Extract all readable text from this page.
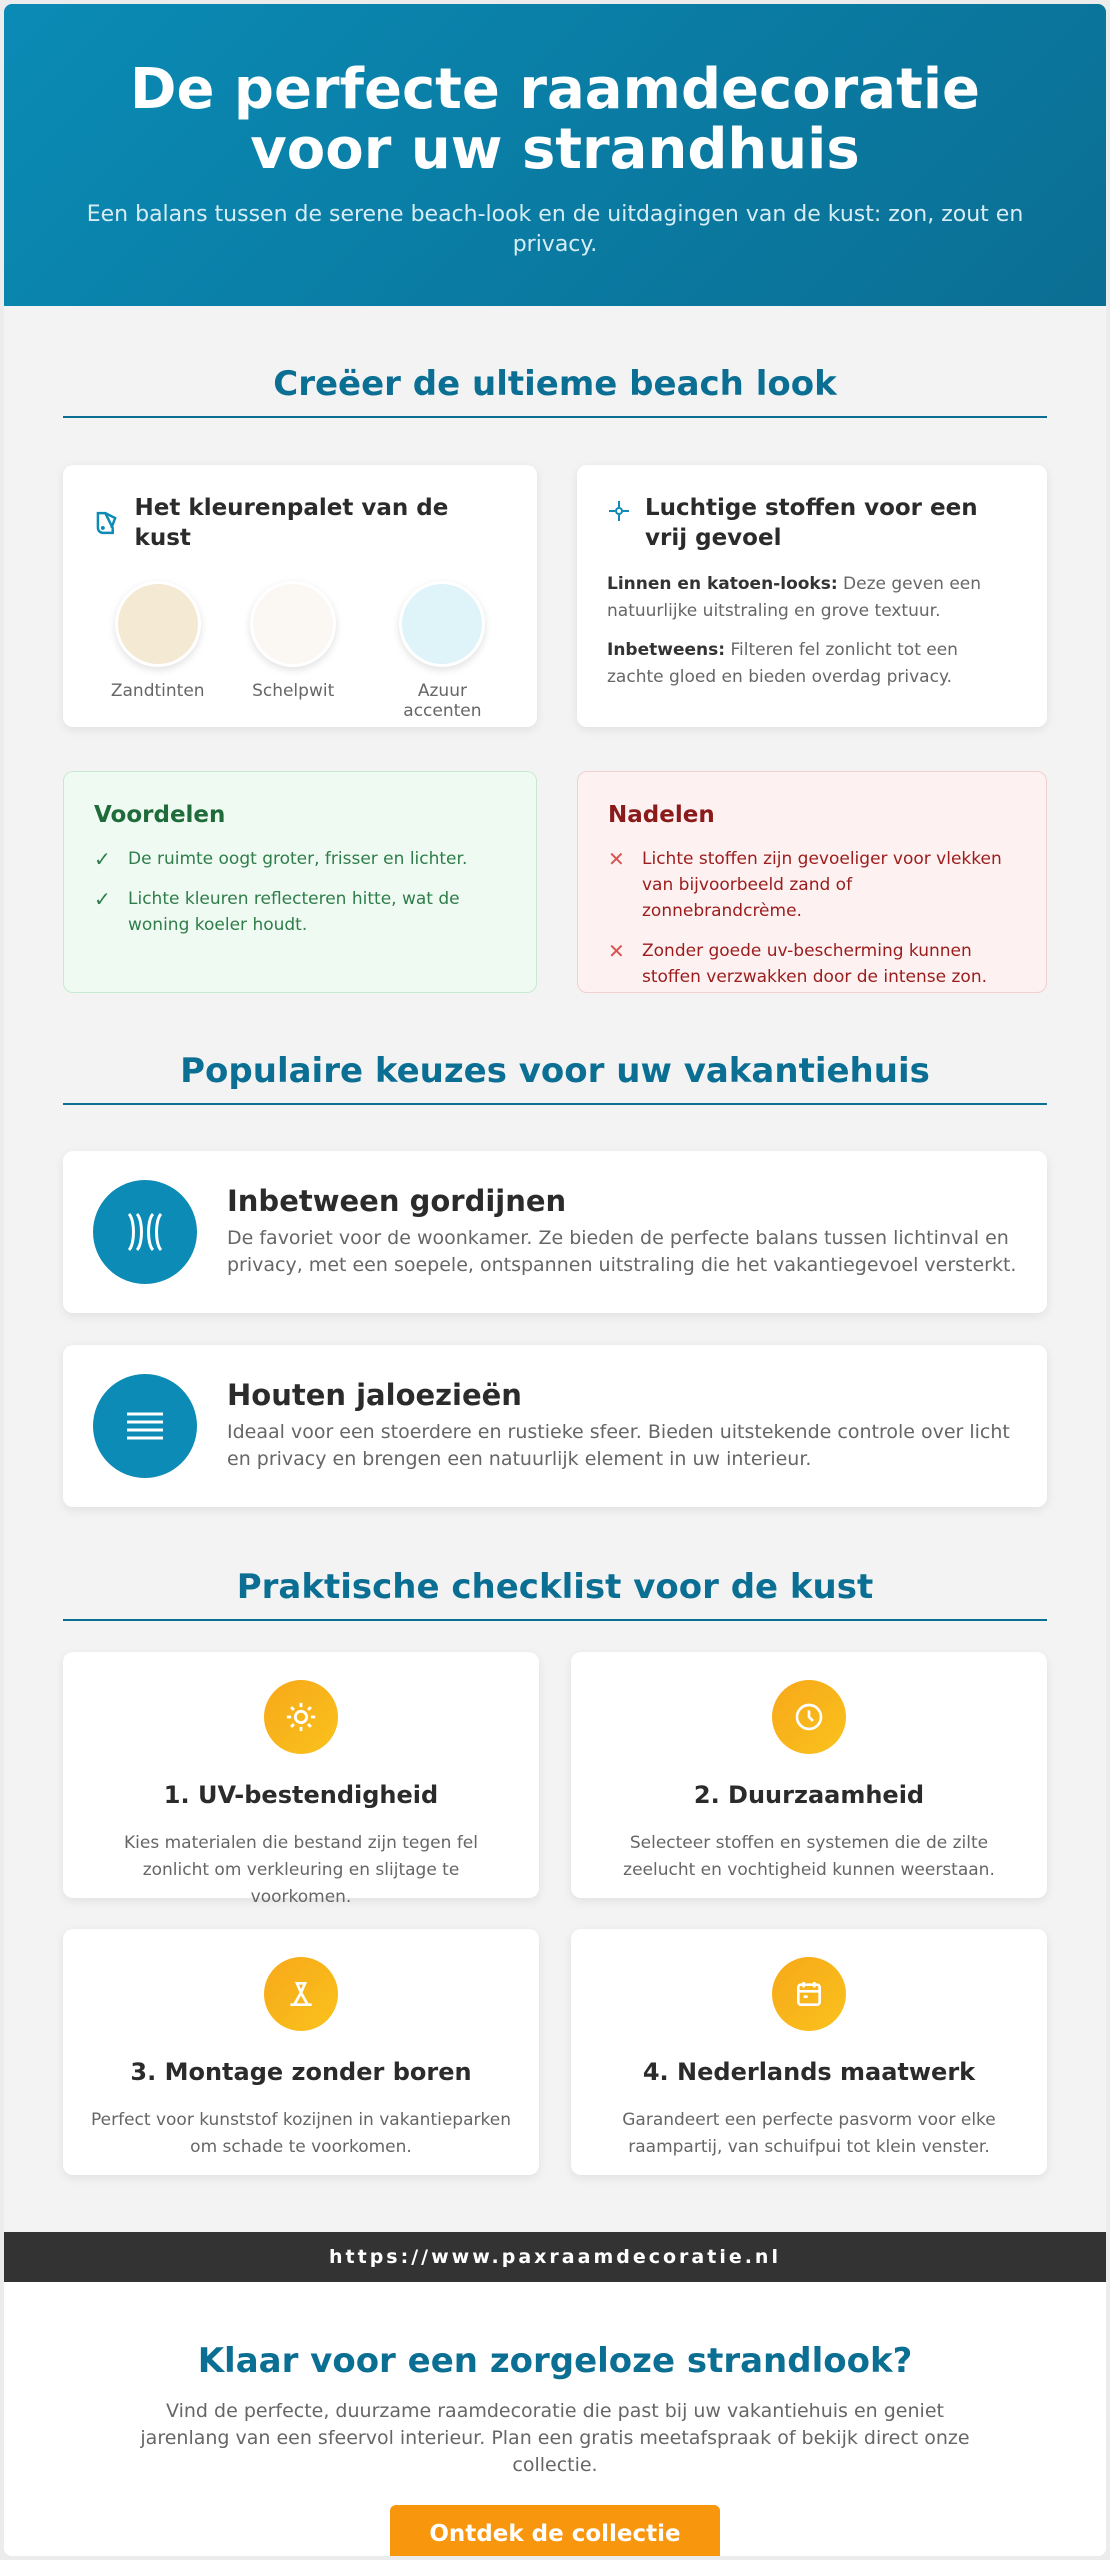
De perfecte raamdecoratie voor uw strandhuis

Een balans tussen de serene beach-look en de uitdagingen van de kust: zon, zout en privacy.

Creëer de ultieme beach look
Het kleurenpalet van de kust
Zandtinten	Schelpwit	Azuur accenten
Luchtige stoffen voor een vrij gevoel
Linnen en katoen-looks: Deze geven een natuurlijke uitstraling en grove textuur.
Inbetweens: Filteren fel zonlicht tot een zachte gloed en bieden overdag privacy.
Voordelen
✓	De ruimte oogt groter, frisser en lichter.
✓	Lichte kleuren reflecteren hitte, wat de woning koeler houdt.
Nadelen
✕	Lichte stoffen zijn gevoeliger voor vlekken van bijvoorbeeld zand of zonnebrandcrème.
✕	Zonder goede uv-bescherming kunnen stoffen verzwakken door de intense zon.
Populaire keuzes voor uw vakantiehuis
Inbetween gordijnen
De favoriet voor de woonkamer. Ze bieden de perfecte balans tussen lichtinval en privacy, met een soepele, ontspannen uitstraling die het vakantiegevoel versterkt.
Houten jaloezieën
Ideaal voor een stoerdere en rustieke sfeer. Bieden uitstekende controle over licht en privacy en brengen een natuurlijk element in uw interieur.
Praktische checklist voor de kust
1. UV-bestendigheid
Kies materialen die bestand zijn tegen fel zonlicht om verkleuring en slijtage te voorkomen.
2. Duurzaamheid
Selecteer stoffen en systemen die de zilte zeelucht en vochtigheid kunnen weerstaan.
3. Montage zonder boren
Perfect voor kunststof kozijnen in vakantieparken om schade te voorkomen.
4. Nederlands maatwerk
Garandeert een perfecte pasvorm voor elke raampartij, van schuifpui tot klein venster.
https://www.paxraamdecoratie.nl
Klaar voor een zorgeloze strandlook?

Vind de perfecte, duurzame raamdecoratie die past bij uw vakantiehuis en geniet jarenlang van een sfeervol interieur. Plan een gratis meetafspraak of bekijk direct onze collectie.

Ontdek de collectie
